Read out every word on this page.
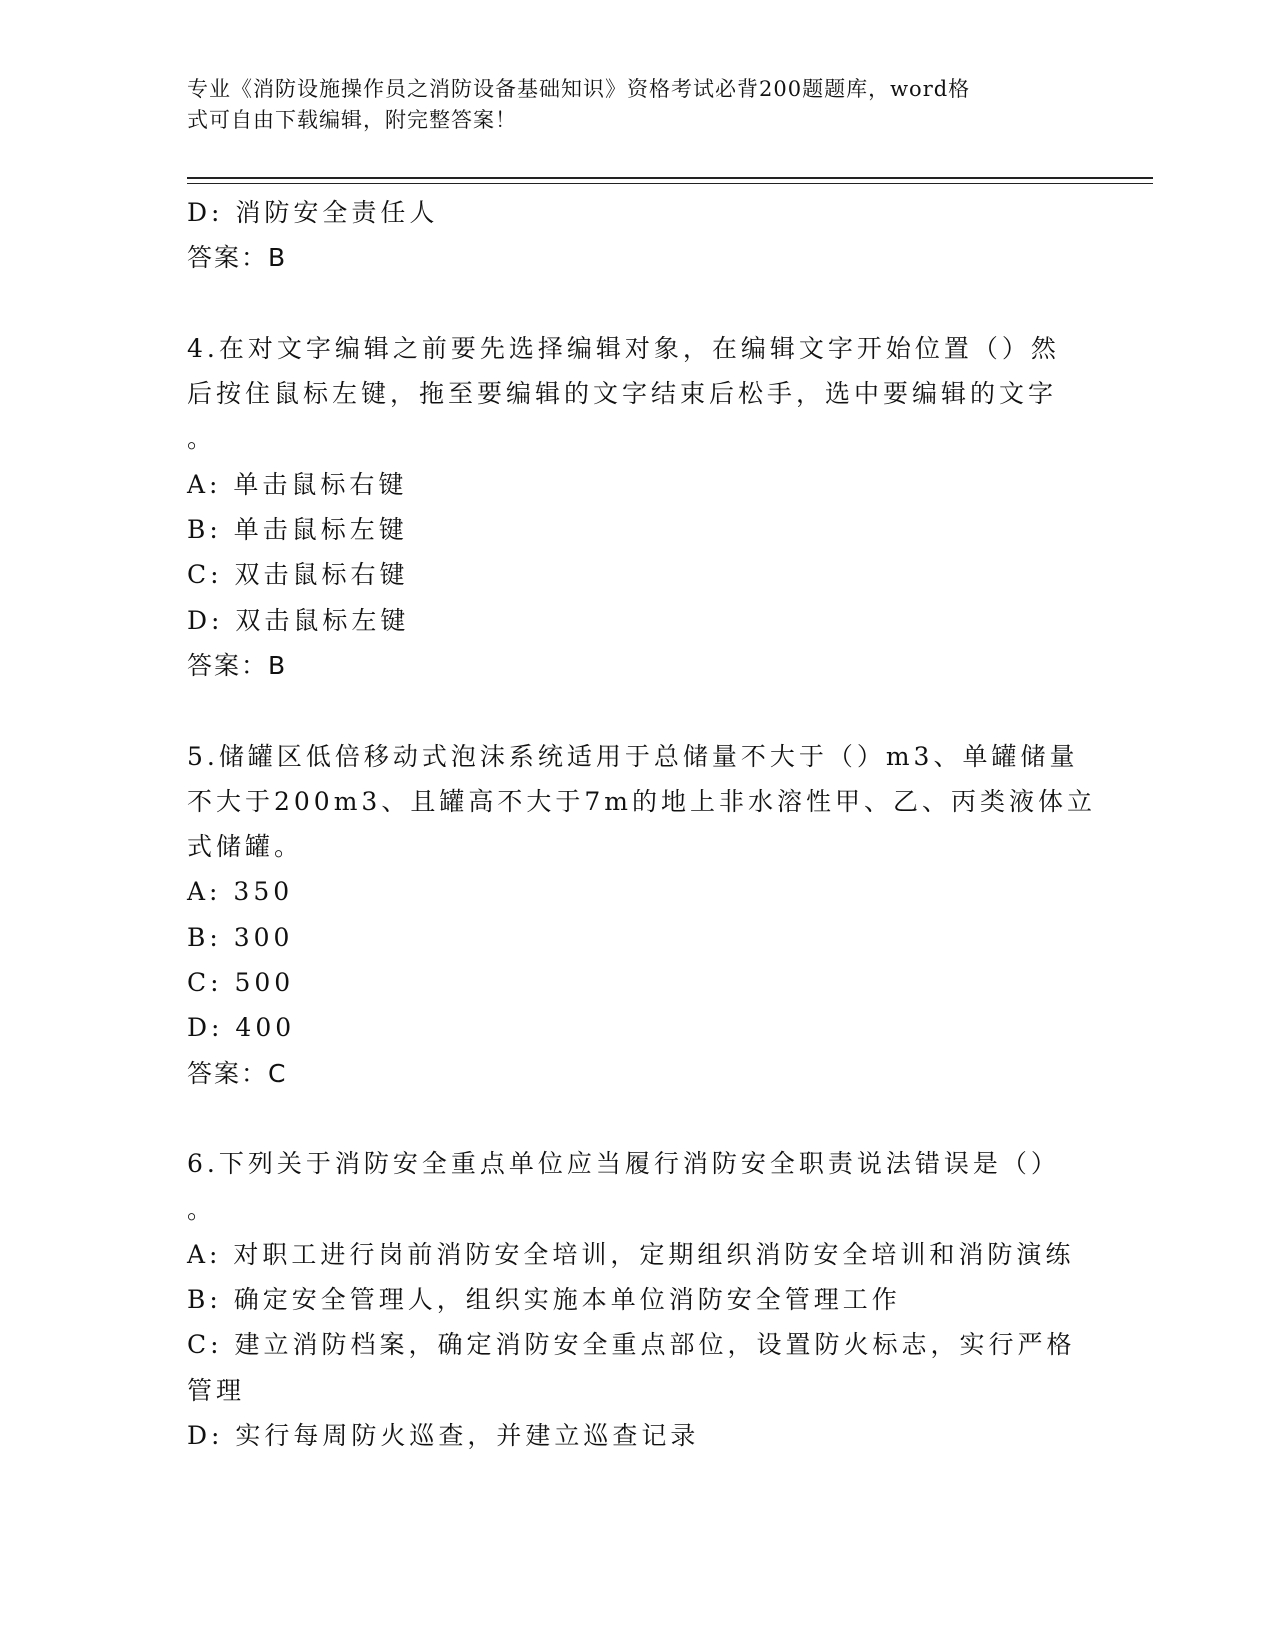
专业《消防设施操作员之消防设备基础知识》资格考试必背200题题库，word格
式可自由下载编辑，附完整答案！
D: 消防安全责任人
答案：B
4.在对文字编辑之前要先选择编辑对象，在编辑文字开始位置（）然
后按住鼠标左键，拖至要编辑的文字结束后松手，选中要编辑的文字
。
A: 单击鼠标右键
B: 单击鼠标左键
C: 双击鼠标右键
D: 双击鼠标左键
答案：B
5.储罐区低倍移动式泡沫系统适用于总储量不大于（）m3、单罐储量
不大于200m3、且罐高不大于7m的地上非水溶性甲、乙、丙类液体立
式储罐。
A: 350
B: 300
C: 500
D: 400
答案：C
6.下列关于消防安全重点单位应当履行消防安全职责说法错误是（）
。
A: 对职工进行岗前消防安全培训，定期组织消防安全培训和消防演练
B: 确定安全管理人，组织实施本单位消防安全管理工作
C: 建立消防档案，确定消防安全重点部位，设置防火标志，实行严格
管理
D: 实行每周防火巡查，并建立巡查记录
